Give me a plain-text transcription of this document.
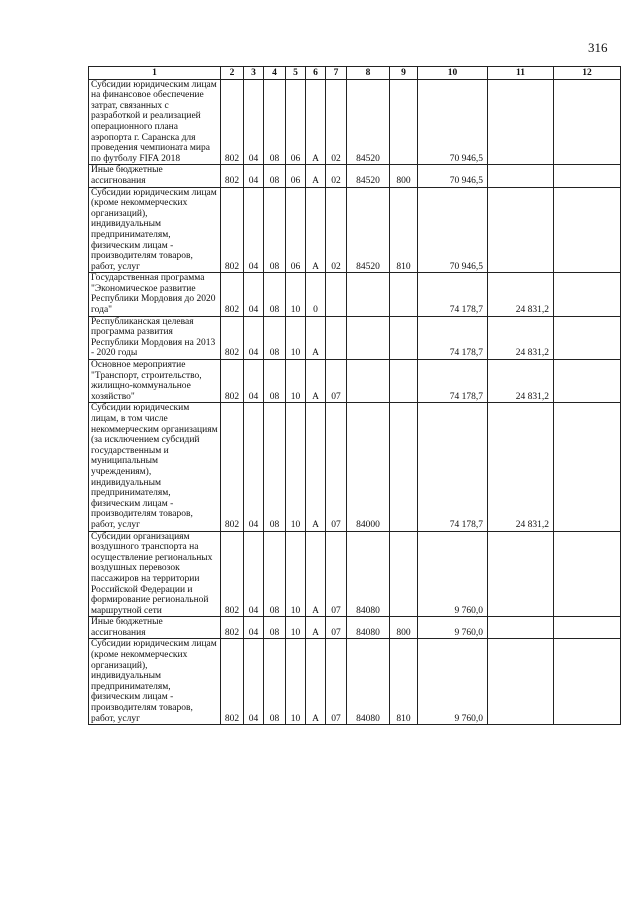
316
1	2	3	4	5	6	7	8	9	10	11	12
Субсидии юридическим лицам на финансовое обеспечение затрат, связанных с разработкой и реализацией операционного плана аэропорта г. Саранска для проведения чемпионата мира по футболу FIFA 2018	802	04	08	06	А	02	84520		70 946,5		
Иные бюджетные ассигнования	802	04	08	06	А	02	84520	800	70 946,5		
Субсидии юридическим лицам (кроме некоммерческих организаций), индивидуальным предпринимателям, физическим лицам - производителям товаров, работ, услуг	802	04	08	06	А	02	84520	810	70 946,5		
Государственная программа "Экономическое развитие Республики Мордовия до 2020 года"	802	04	08	10	0				74 178,7	24 831,2	
Республиканская целевая программа развития Республики Мордовия на 2013 - 2020 годы	802	04	08	10	А				74 178,7	24 831,2	
Основное мероприятие "Транспорт, строительство, жилищно-коммунальное хозяйство"	802	04	08	10	А	07			74 178,7	24 831,2	
Субсидии юридическим лицам, в том числе некоммерческим организациям (за исключением субсидий государственным и муниципальным учреждениям), индивидуальным предпринимателям, физическим лицам - производителям товаров, работ, услуг	802	04	08	10	А	07	84000		74 178,7	24 831,2	
Субсидии организациям воздушного транспорта на осуществление региональных воздушных перевозок пассажиров на территории Российской Федерации и формирование региональной маршрутной сети	802	04	08	10	А	07	84080		9 760,0		
Иные бюджетные ассигнования	802	04	08	10	А	07	84080	800	9 760,0		
Субсидии юридическим лицам (кроме некоммерческих организаций), индивидуальным предпринимателям, физическим лицам - производителям товаров, работ, услуг	802	04	08	10	А	07	84080	810	9 760,0		
